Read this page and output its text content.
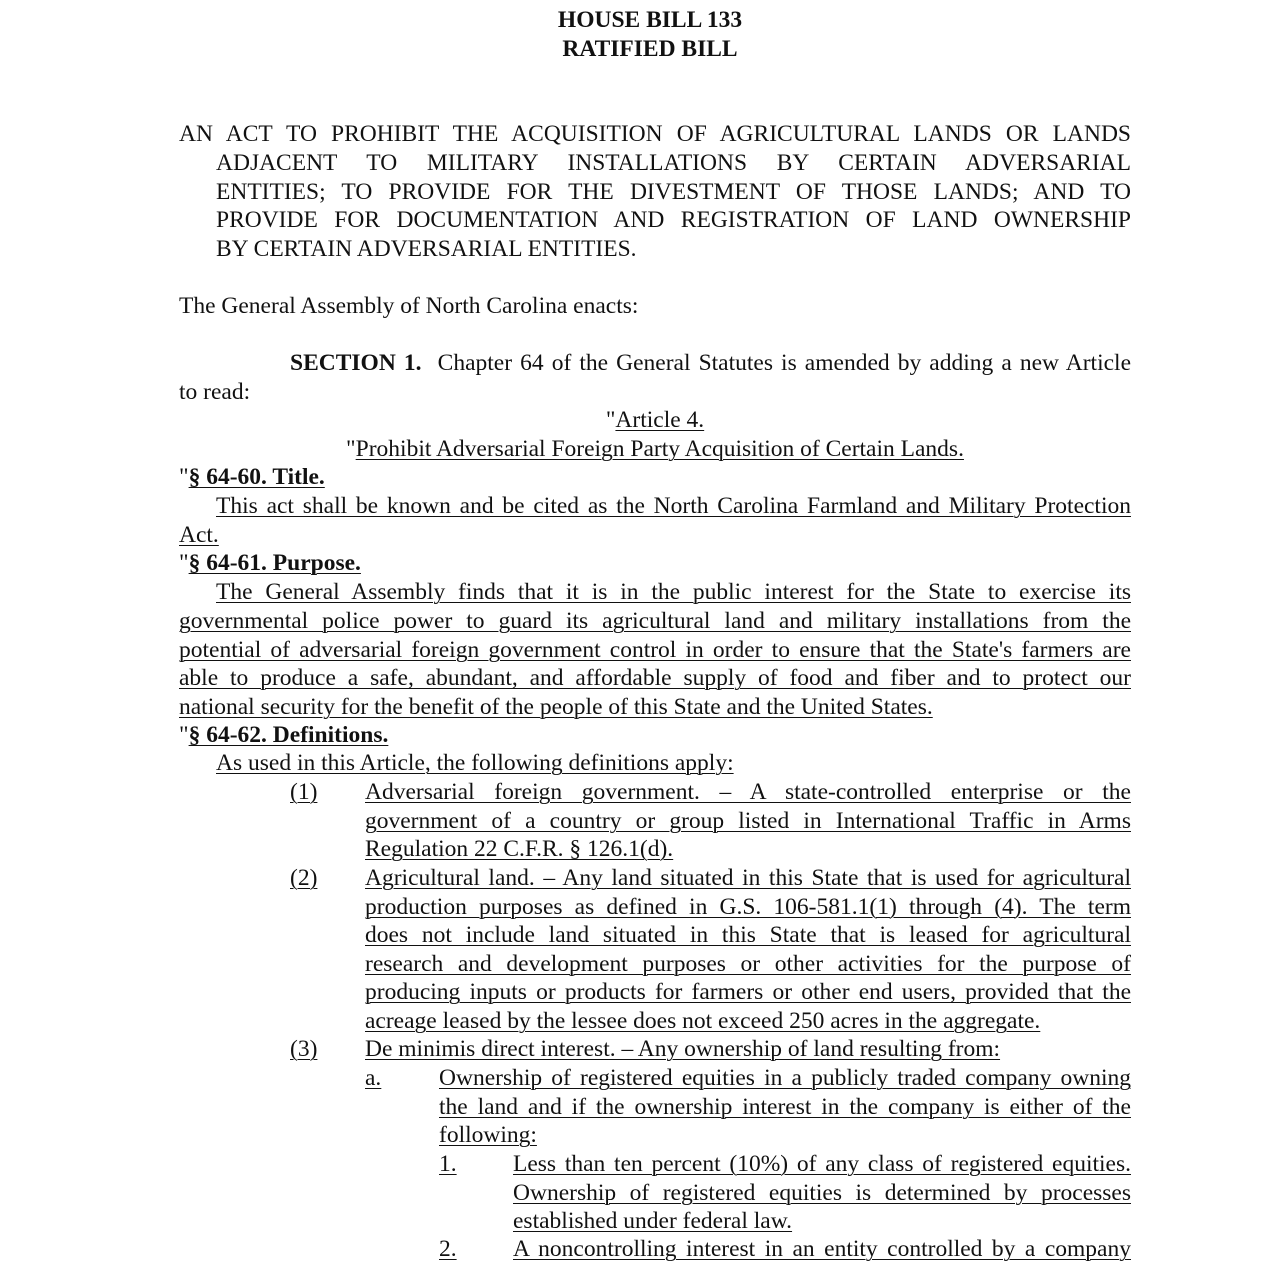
HOUSE BILL 133
RATIFIED BILL
AN ACT TO PROHIBIT THE ACQUISITION OF AGRICULTURAL LANDS OR LANDS
ADJACENT TO MILITARY INSTALLATIONS BY CERTAIN ADVERSARIAL
ENTITIES; TO PROVIDE FOR THE DIVESTMENT OF THOSE LANDS; AND TO
PROVIDE FOR DOCUMENTATION AND REGISTRATION OF LAND OWNERSHIP
BY CERTAIN ADVERSARIAL ENTITIES.
The General Assembly of North Carolina enacts:
SECTION 1. Chapter 64 of the General Statutes is amended by adding a new Article
to read:
"Article 4.
"Prohibit Adversarial Foreign Party Acquisition of Certain Lands.
"§ 64-60. Title.
This act shall be known and be cited as the North Carolina Farmland and Military Protection
Act.
"§ 64-61. Purpose.
The General Assembly finds that it is in the public interest for the State to exercise its
governmental police power to guard its agricultural land and military installations from the
potential of adversarial foreign government control in order to ensure that the State's farmers are
able to produce a safe, abundant, and affordable supply of food and fiber and to protect our
national security for the benefit of the people of this State and the United States.
"§ 64-62. Definitions.
As used in this Article, the following definitions apply:
(1) Adversarial foreign government. – A state-controlled enterprise or the
government of a country or group listed in International Traffic in Arms
Regulation 22 C.F.R. § 126.1(d).
(2) Agricultural land. – Any land situated in this State that is used for agricultural
production purposes as defined in G.S. 106-581.1(1) through (4). The term
does not include land situated in this State that is leased for agricultural
research and development purposes or other activities for the purpose of
producing inputs or products for farmers or other end users, provided that the
acreage leased by the lessee does not exceed 250 acres in the aggregate.
(3) De minimis direct interest. – Any ownership of land resulting from:
a. Ownership of registered equities in a publicly traded company owning
the land and if the ownership interest in the company is either of the
following:
1. Less than ten percent (10%) of any class of registered equities.
Ownership of registered equities is determined by processes
established under federal law.
2. A noncontrolling interest in an entity controlled by a company
